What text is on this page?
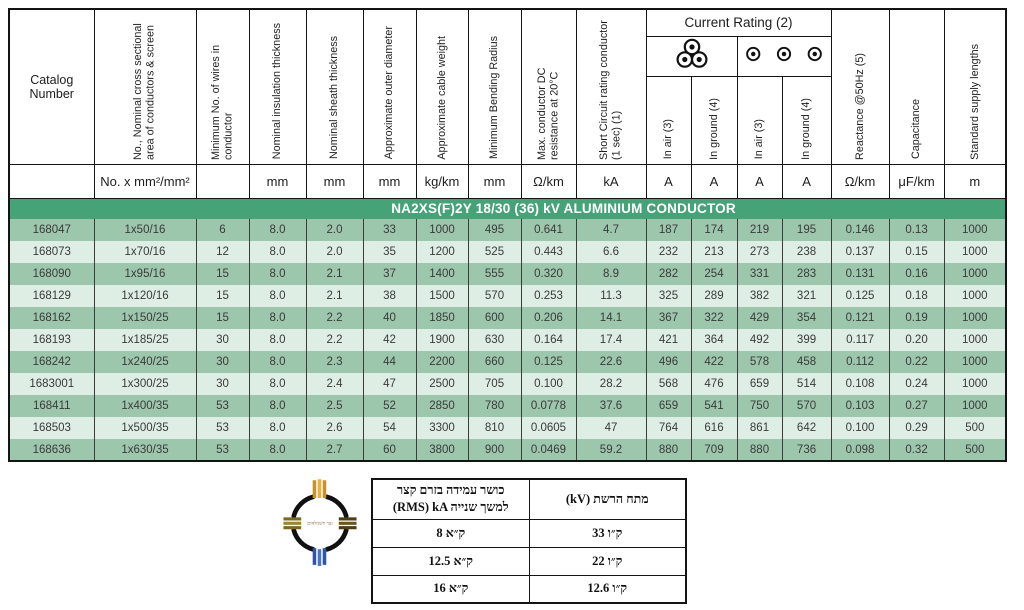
Catalog Number	No., Nominal cross sectional area of conductors & screen	Minimum No. of wires in conductor	Nominal insulation thickness	Nominal sheath thickness	Approximate outer diameter	Approximate cable weight	Minimum Bending Radius	Max. conductor DC resistance at 20°C	Short Circuit rating conductor (1 sec) (1)	Current Rating (2)				Reactance @50Hz (5)	Capacitance	Standard supply lengths

										In air (3)	In ground (4)	In air (3)	In ground (4)			

	No. x mm²/mm²		mm	mm	mm	kg/km	mm	Ω/km	kA	A	A	A	A	Ω/km	μF/km	m
NA2XS(F)2Y 18/30 (36) kV ALUMINIUM CONDUCTOR																
168047	1x50/16	6	8.0	2.0	33	1000	495	0.641	4.7	187	174	219	195	0.146	0.13	1000
168073	1x70/16	12	8.0	2.0	35	1200	525	0.443	6.6	232	213	273	238	0.137	0.15	1000
168090	1x95/16	15	8.0	2.1	37	1400	555	0.320	8.9	282	254	331	283	0.131	0.16	1000
168129	1x120/16	15	8.0	2.1	38	1500	570	0.253	11.3	325	289	382	321	0.125	0.18	1000
168162	1x150/25	15	8.0	2.2	40	1850	600	0.206	14.1	367	322	429	354	0.121	0.19	1000
168193	1x185/25	30	8.0	2.2	42	1900	630	0.164	17.4	421	364	492	399	0.117	0.20	1000
168242	1x240/25	30	8.0	2.3	44	2200	660	0.125	22.6	496	422	578	458	0.112	0.22	1000
1683001	1x300/25	30	8.0	2.4	47	2500	705	0.100	28.2	568	476	659	514	0.108	0.24	1000
168411	1x400/35	53	8.0	2.5	52	2850	780	0.0778	37.6	659	541	750	570	0.103	0.27	1000
168503	1x500/35	53	8.0	2.6	54	3300	810	0.0605	47	764	616	861	642	0.100	0.29	500
168636	1x630/35	53	8.0	2.7	60	3800	900	0.0469	59.2	880	709	880	736	0.098	0.32	500
נצר חשמלאים
כושר עמידה בזרם קצר
(RMS) kA למשך שנייה	(kV) מתח הרשת
8 ק״א	33 ק״ו
12.5 ק״א	22 ק״ו
16 ק״א	12.6 ק״ו
